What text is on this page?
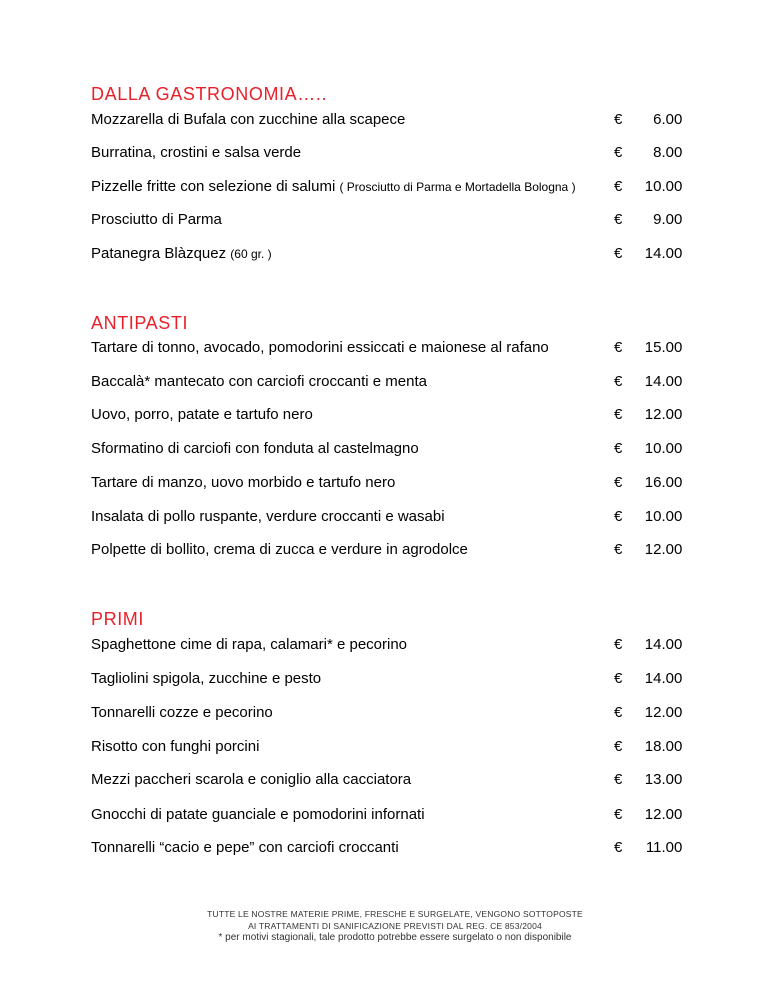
DALLA GASTRONOMIA…..
Mozzarella di Bufala con zucchine alla scapece	€ 6.00
Burratina, crostini e salsa verde	€ 8.00
Pizzelle fritte con selezione di salumi ( Prosciutto di Parma e Mortadella Bologna )	€ 10.00
Prosciutto di Parma	€ 9.00
Patanegra Blàzquez (60 gr. )	€ 14.00
ANTIPASTI
Tartare di tonno, avocado, pomodorini essiccati e maionese al rafano	€ 15.00
Baccalà* mantecato con carciofi croccanti e menta	€ 14.00
Uovo, porro, patate e tartufo nero	€ 12.00
Sformatino di carciofi con fonduta al castelmagno	€ 10.00
Tartare di manzo, uovo morbido e tartufo nero	€ 16.00
Insalata di pollo ruspante, verdure croccanti e wasabi	€ 10.00
Polpette di bollito, crema di zucca e verdure in agrodolce	€ 12.00
PRIMI
Spaghettone cime di rapa, calamari* e pecorino	€ 14.00
Tagliolini spigola, zucchine e pesto	€ 14.00
Tonnarelli cozze e pecorino	€ 12.00
Risotto con funghi porcini	€ 18.00
Mezzi paccheri scarola e coniglio alla cacciatora	€ 13.00
Gnocchi di patate guanciale e pomodorini infornati	€ 12.00
Tonnarelli “cacio e pepe” con carciofi croccanti	€ 11.00
TUTTE LE NOSTRE MATERIE PRIME, FRESCHE E SURGELATE, VENGONO SOTTOPOSTE
AI TRATTAMENTI DI SANIFICAZIONE PREVISTI DAL REG. CE 853/2004
* per motivi stagionali, tale prodotto potrebbe essere surgelato o non disponibile
